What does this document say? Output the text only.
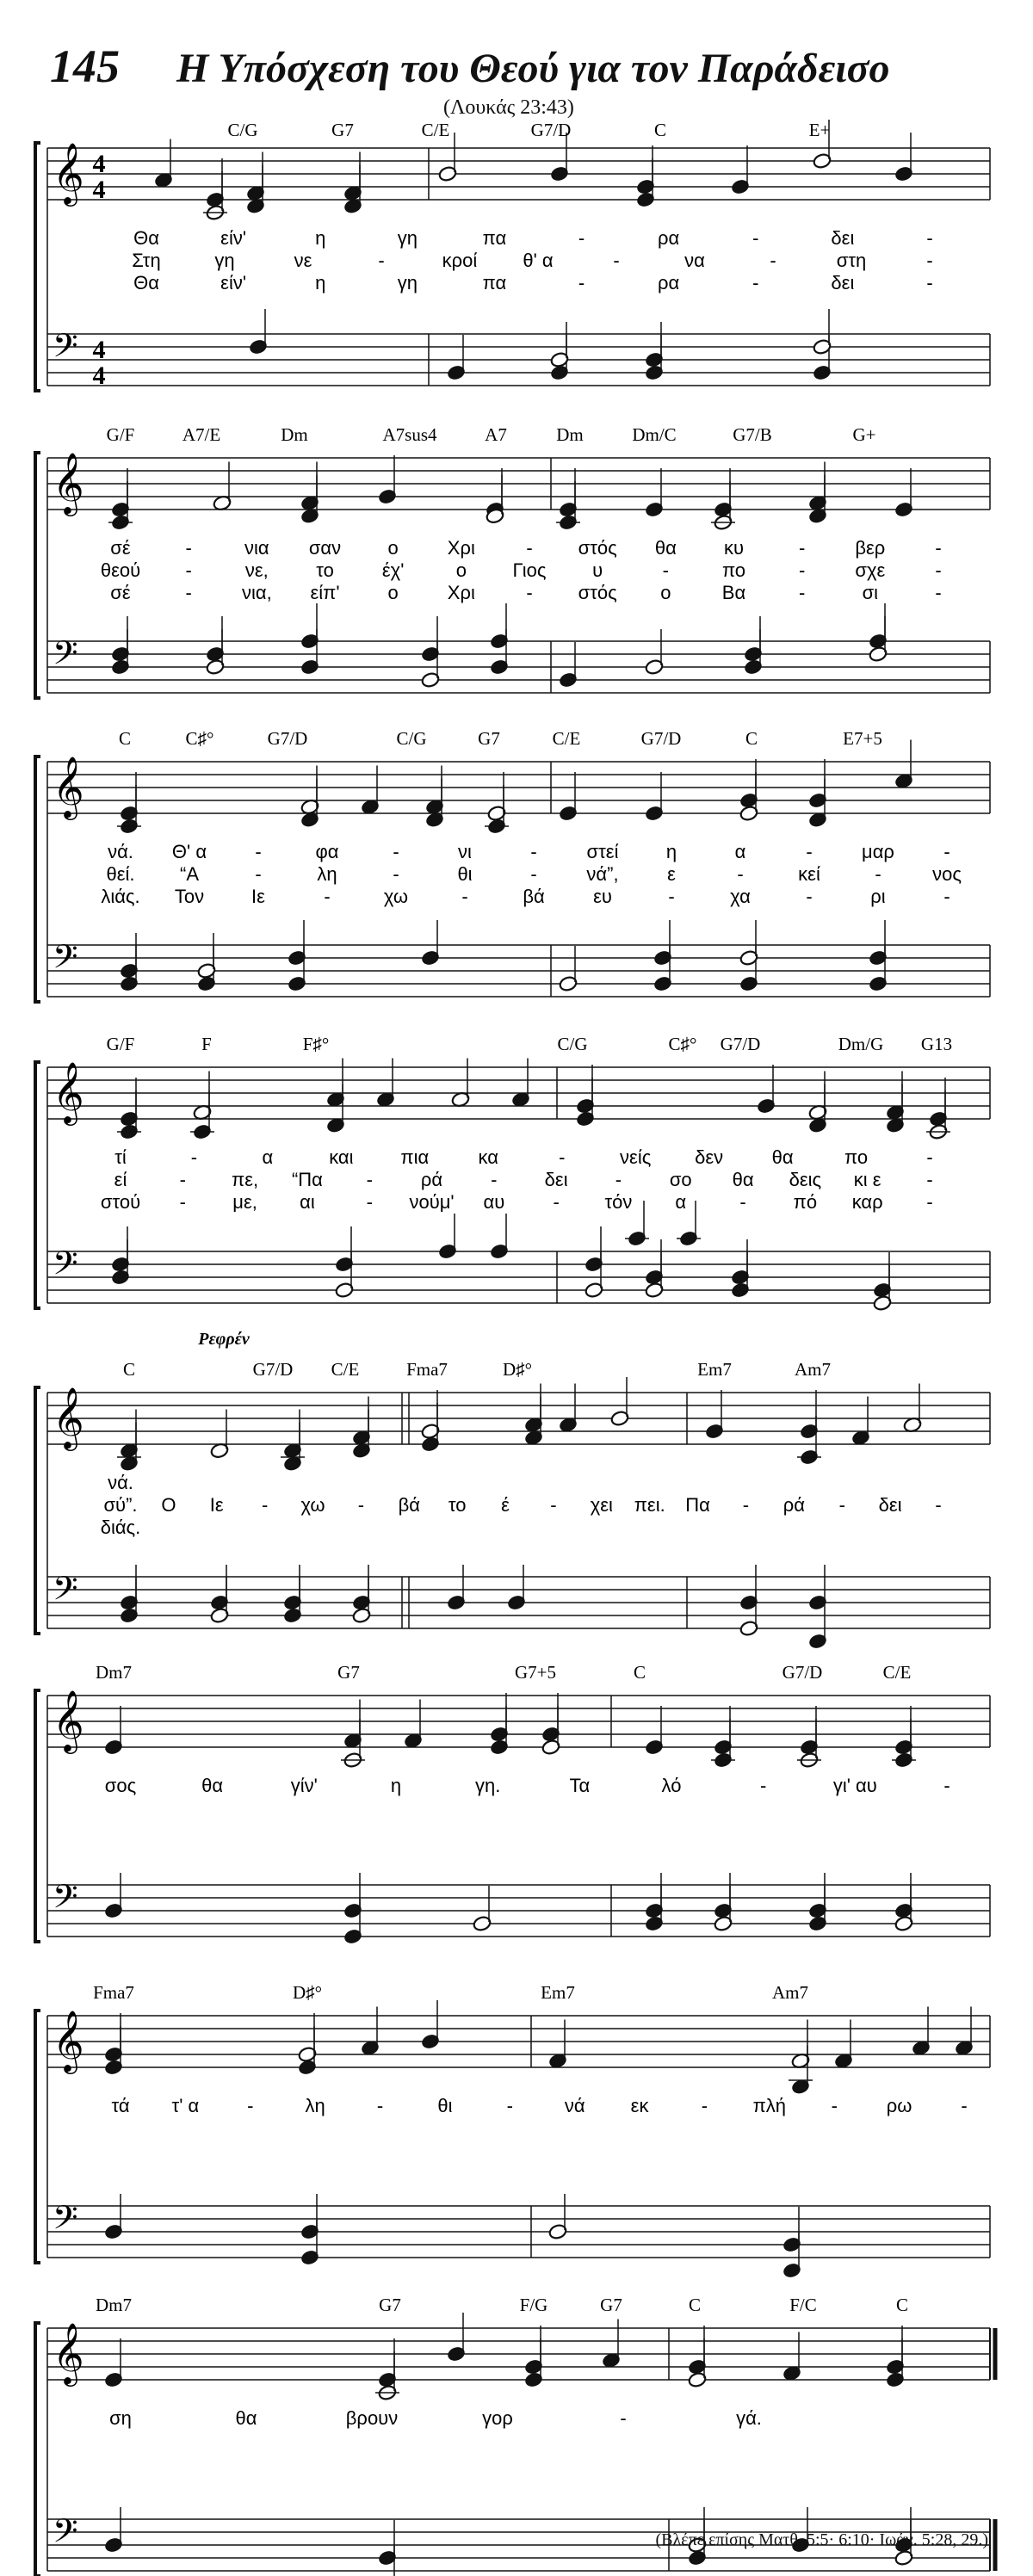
145 Η Υπόσχεση του Θεού για τον Παράδεισο
(Λουκάς 23:43)
𝄞
𝄢
4
4
4
4
C/G	G7	C/E	G7/D	C	E+
Θα	είν'	η	γη	πα	-	ρα	-	δει	-
Στη	γη	νε	-	κροί θ' α	-	να	-	στη	-
Θα	είν'	η	γη	πα	-	ρα	-	δει	-
𝄞
𝄢
G/F	A7/E	Dm	A7sus4	A7	Dm	Dm/C	G7/B	G+
σέ	-	νια σαν ο	Χρι	- στός θα	κυ	-	βερ	-
θεού -	νε,	το	έχ'	ο Γιος υ	-	πο	-	σχε	-
σέ	-	νια, είπ'	ο	Χρι	- στός ο	Βα	-	σι	-
𝄞
𝄢
C	C♯°	G7/D	C/G	G7	C/E	G7/D	C	E7+5
νά. Θ' α	-	φα	-	νι	-	στεί	η	α	-	μαρ	-
θεί. “Α	-	λη	-	θι	-	νά”,	ε	-	κεί	-	νος
λιάς. Τον Ιε	-	χω	-	βά	ευ	-	χα	-	ρι	-
𝄞
𝄢
G/F	F	F♯°	C/G	C♯° G7/D	Dm/G G13
τί	-	α	και πια	κα	-	νείς δεν	θα	πο	-
εί	- πε, “Πα -	ρά	-	δει	-	σο θα δεις κι ε -
στού - με, αι	- νούμ' αυ	- τόν α	- πό καρ -
𝄞
𝄢
C	G7/D C/E	Fma7	D♯°	Em7	Am7
νά.
σύ”. Ο Ιε - χω - βά το έ - χει πει. Πα - ρά - δει -
διάς.
Ρεφρέν
𝄞
𝄢
Dm7	G7	G7+5	C	G7/D	C/E
σος	θα	γίν'	η	γη.	Τα	λό	-	γι' αυ	-
𝄞
𝄢
Fma7	D♯°	Em7	Am7
τά τ' α	-	λη	-	θι	-	νά εκ	- πλή -	ρω	-
𝄞
𝄢
Dm7	G7	F/G	G7	C	F/C	C
ση	θα	βρουν	γορ	-	γά.
(Βλέπε επίσης Ματθ. 5:5· 6:10· Ιωάν. 5:28, 29.)
